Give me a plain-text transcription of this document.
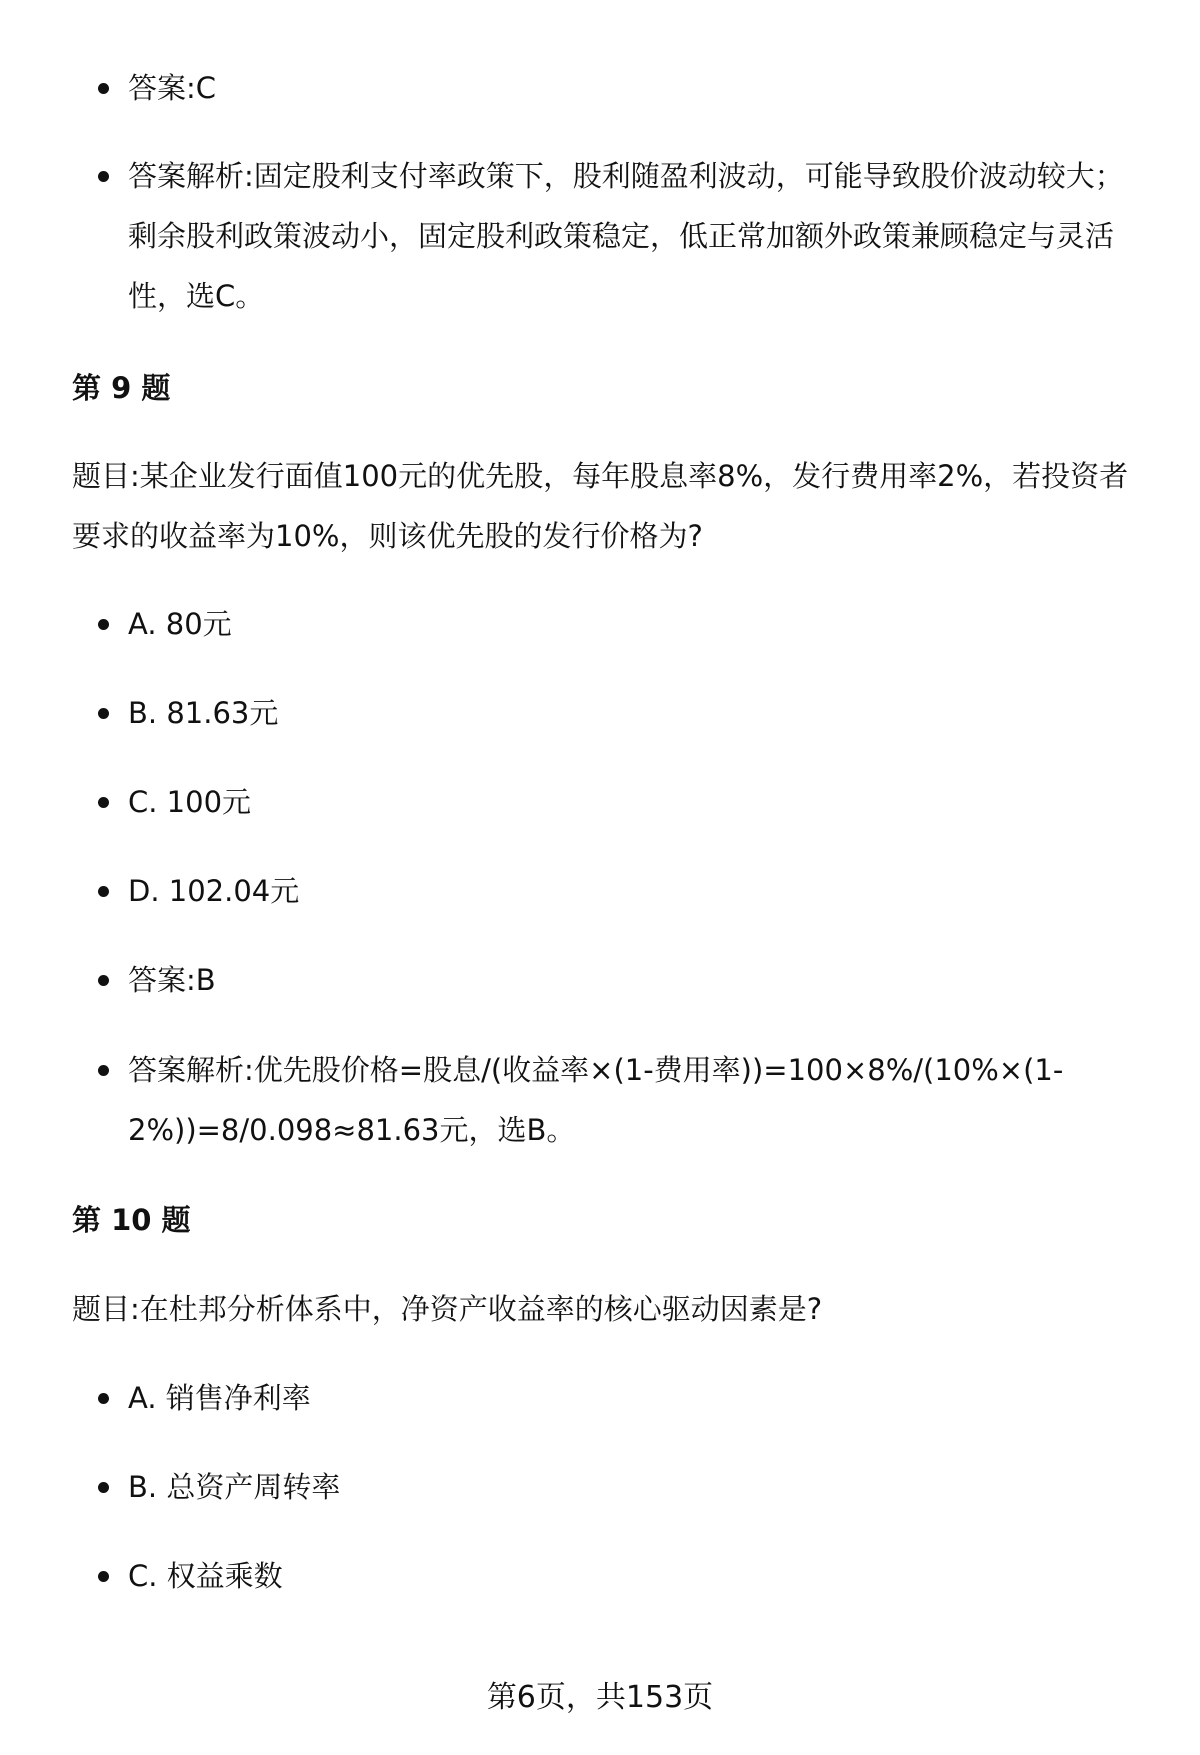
答案:C
答案解析:固定股利支付率政策下，股利随盈利波动，可能导致股价波动较大；剩余股利政策波动小，固定股利政策稳定，低正常加额外政策兼顾稳定与灵活性，选C。
第 9 题

题目:某企业发行面值100元的优先股，每年股息率8%，发行费用率2%，若投资者要求的收益率为10%，则该优先股的发行价格为?

A. 80元
B. 81.63元
C. 100元
D. 102.04元
答案:B
答案解析:优先股价格=股息/(收益率×(1-费用率))=100×8%/(10%×(1-2%))=8/0.098≈81.63元，选B。
第 10 题

题目:在杜邦分析体系中，净资产收益率的核心驱动因素是?

A. 销售净利率
B. 总资产周转率
C. 权益乘数
第6页，共153页
